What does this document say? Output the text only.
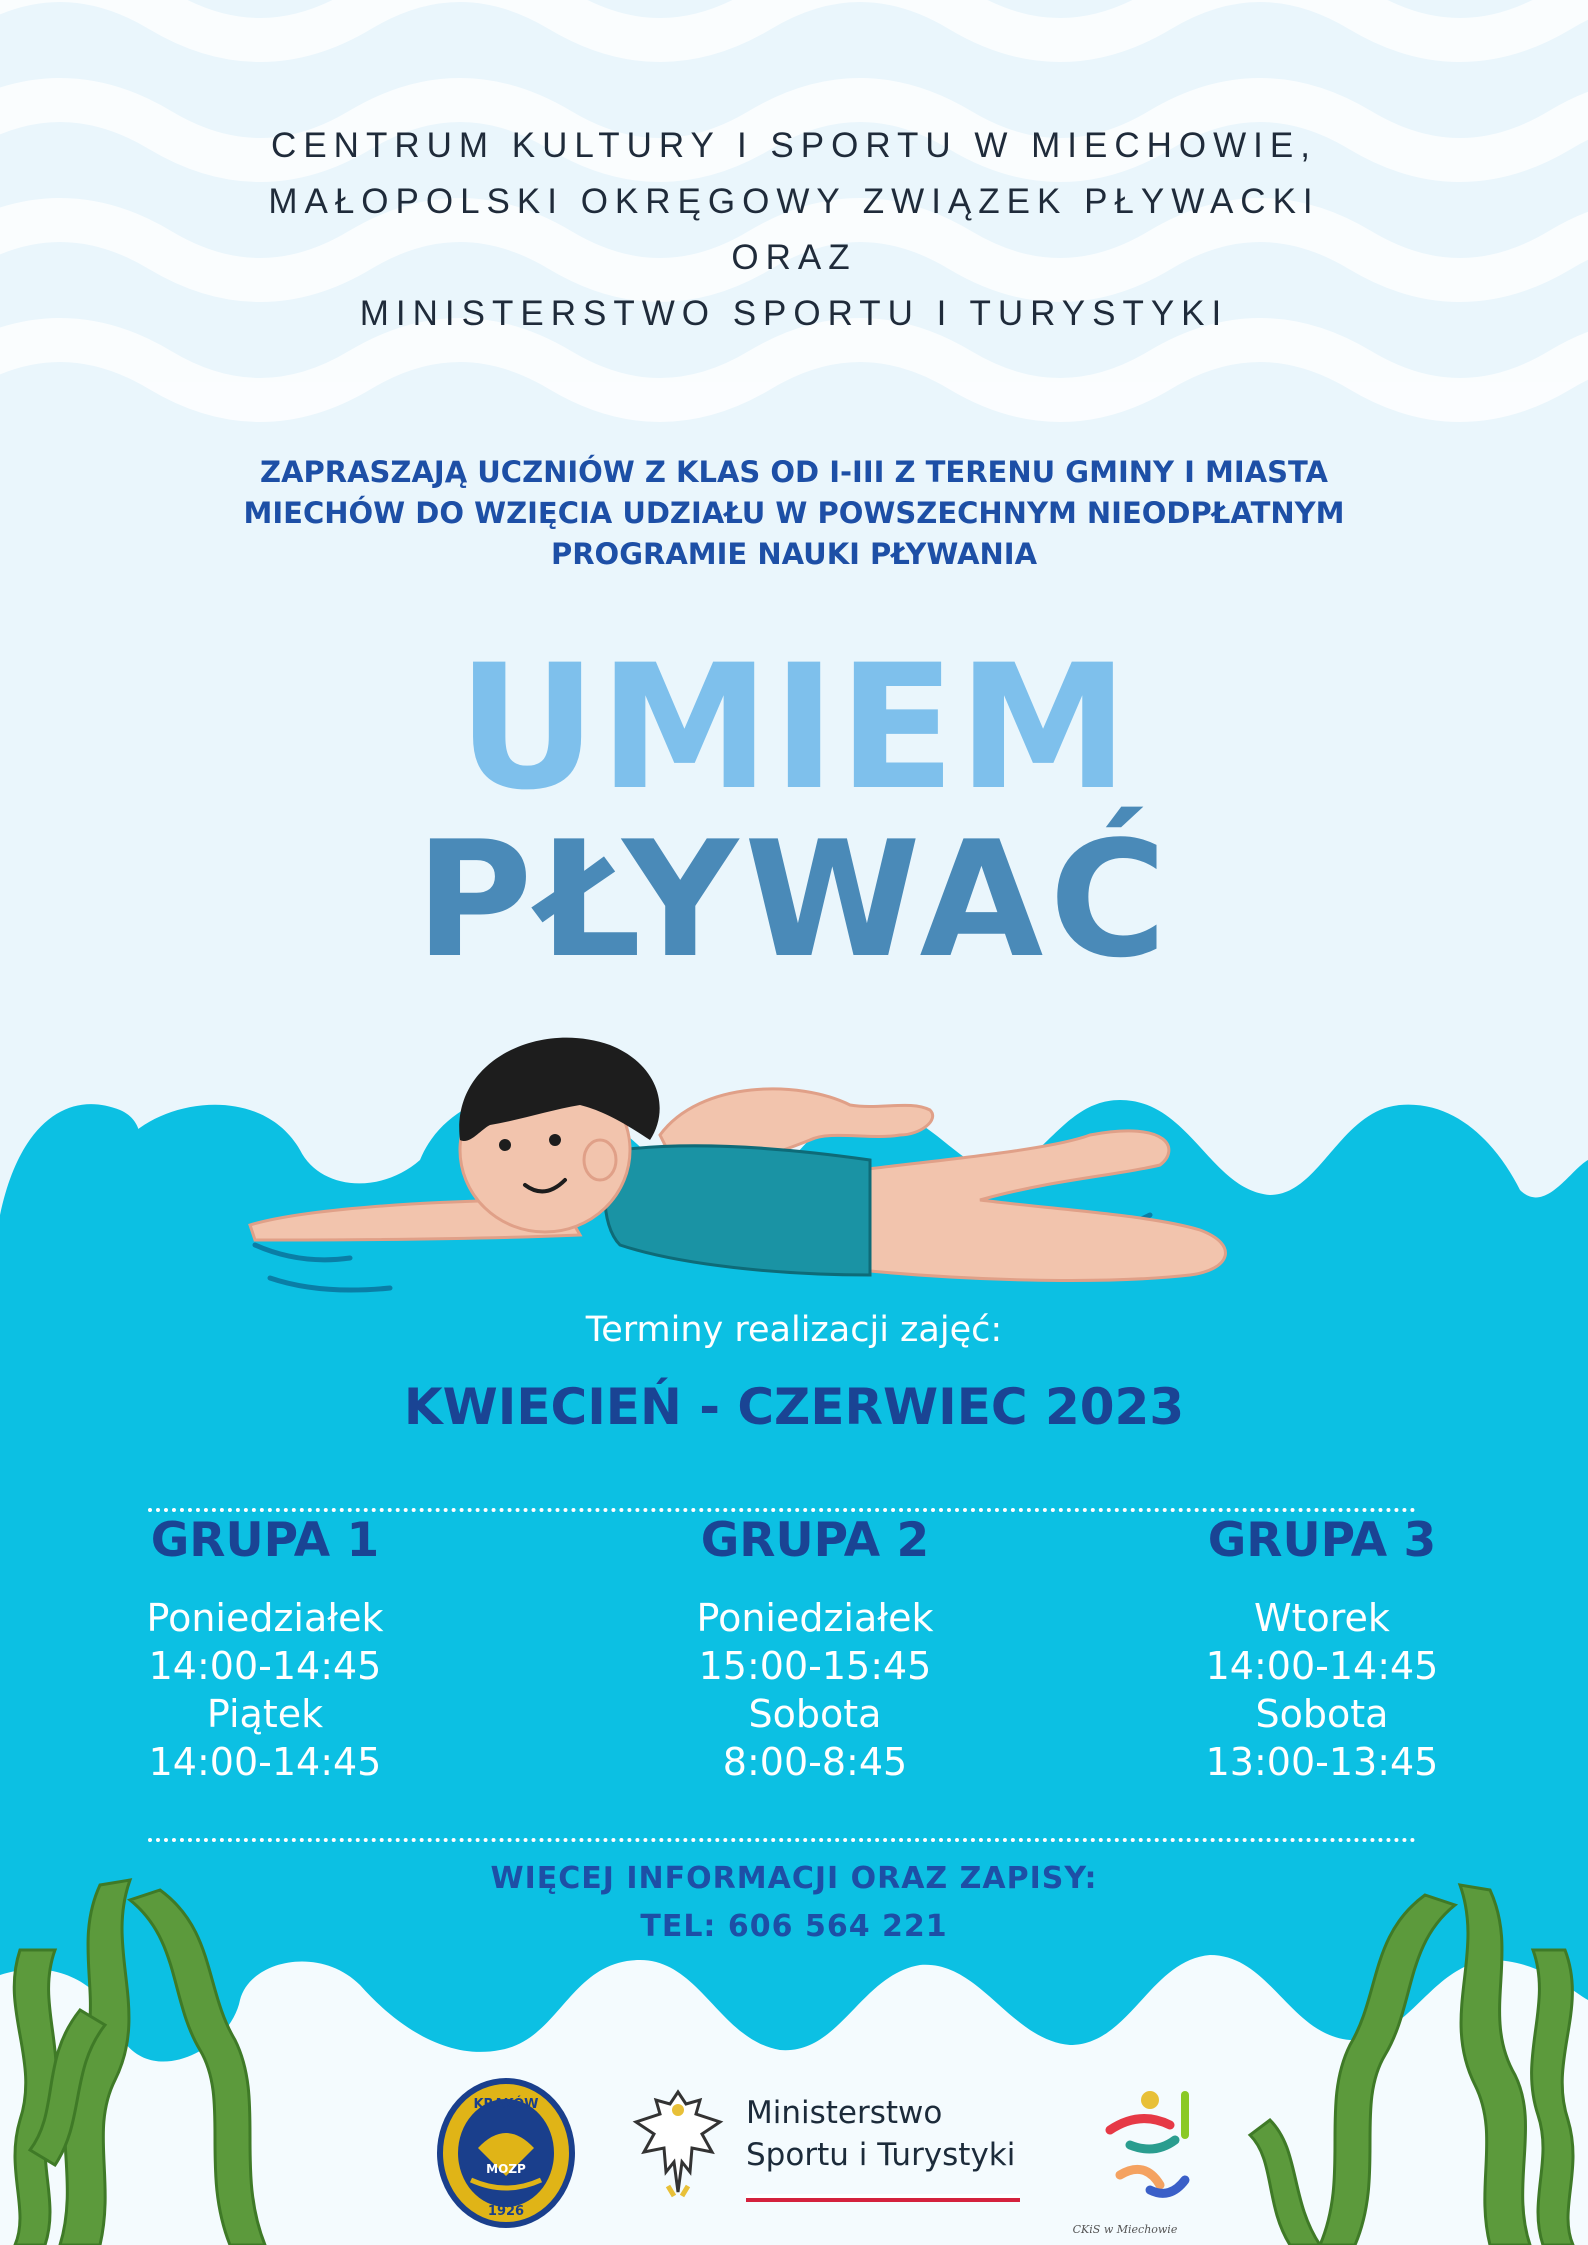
CENTRUM KULTURY I SPORTU W MIECHOWIE,

MAŁOPOLSKI OKRĘGOWY ZWIĄZEK PŁYWACKI

ORAZ

MINISTERSTWO SPORTU I TURYSTYKI

ZAPRASZAJĄ UCZNIÓW Z KLAS OD I-III Z TERENU GMINY I MIASTA

MIECHÓW DO WZIĘCIA UDZIAŁU W POWSZECHNYM NIEODPŁATNYM

PROGRAMIE NAUKI PŁYWANIA

UMIEM
PŁYWAĆ
Terminy realizacji zajęć:
KWIECIEŃ - CZERWIEC 2023

GRUPA 1

Poniedziałek

14:00-14:45

Piątek

14:00-14:45

GRUPA 2

Poniedziałek

15:00-15:45

Sobota

8:00-8:45

GRUPA 3

Wtorek

14:00-14:45

Sobota

13:00-13:45

WIĘCEJ INFORMACJI ORAZ ZAPISY:
TEL: 606 564 221
KRAKÓW
MOZP
1926
Ministerstwo
Sportu i Turystyki
CKiS w Miechowie
